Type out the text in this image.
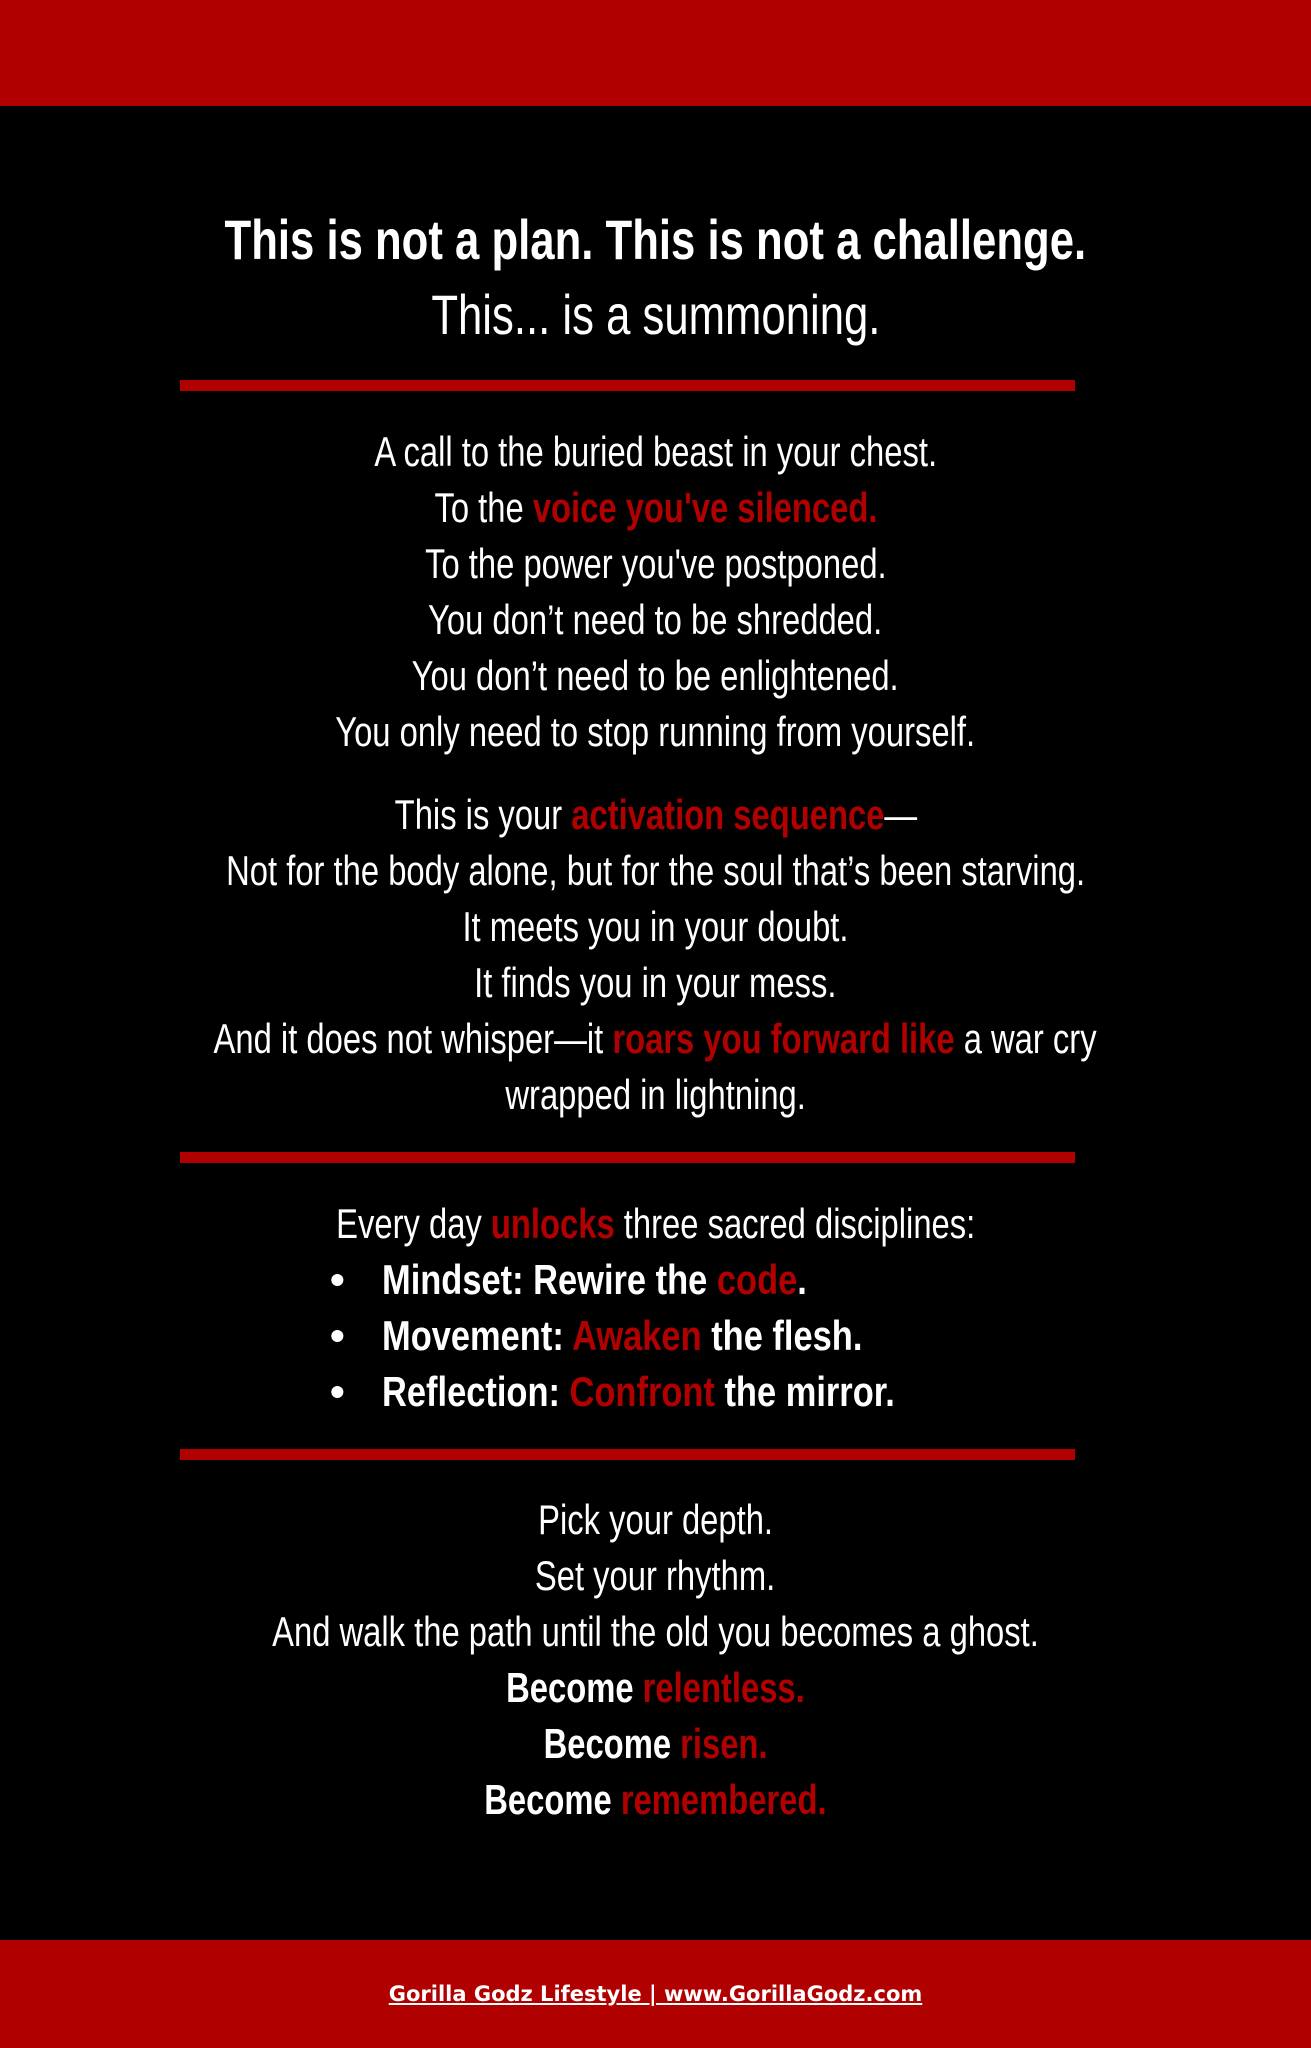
This is not a plan. This is not a challenge.
This... is a summoning.
A call to the buried beast in your chest.
To the voice you've silenced.
To the power you've postponed.
You don’t need to be shredded.
You don’t need to be enlightened.
You only need to stop running from yourself.
This is your activation sequence—
Not for the body alone, but for the soul that’s been starving.
It meets you in your doubt.
It finds you in your mess.
And it does not whisper—it roars you forward like a war cry
wrapped in lightning.
Every day unlocks three sacred disciplines:
• Mindset: Rewire the code.
• Movement: Awaken the flesh.
• Reflection: Confront the mirror.
Pick your depth.
Set your rhythm.
And walk the path until the old you becomes a ghost.
Become relentless.
Become risen.
Become remembered.
Gorilla Godz Lifestyle | www.GorillaGodz.com
